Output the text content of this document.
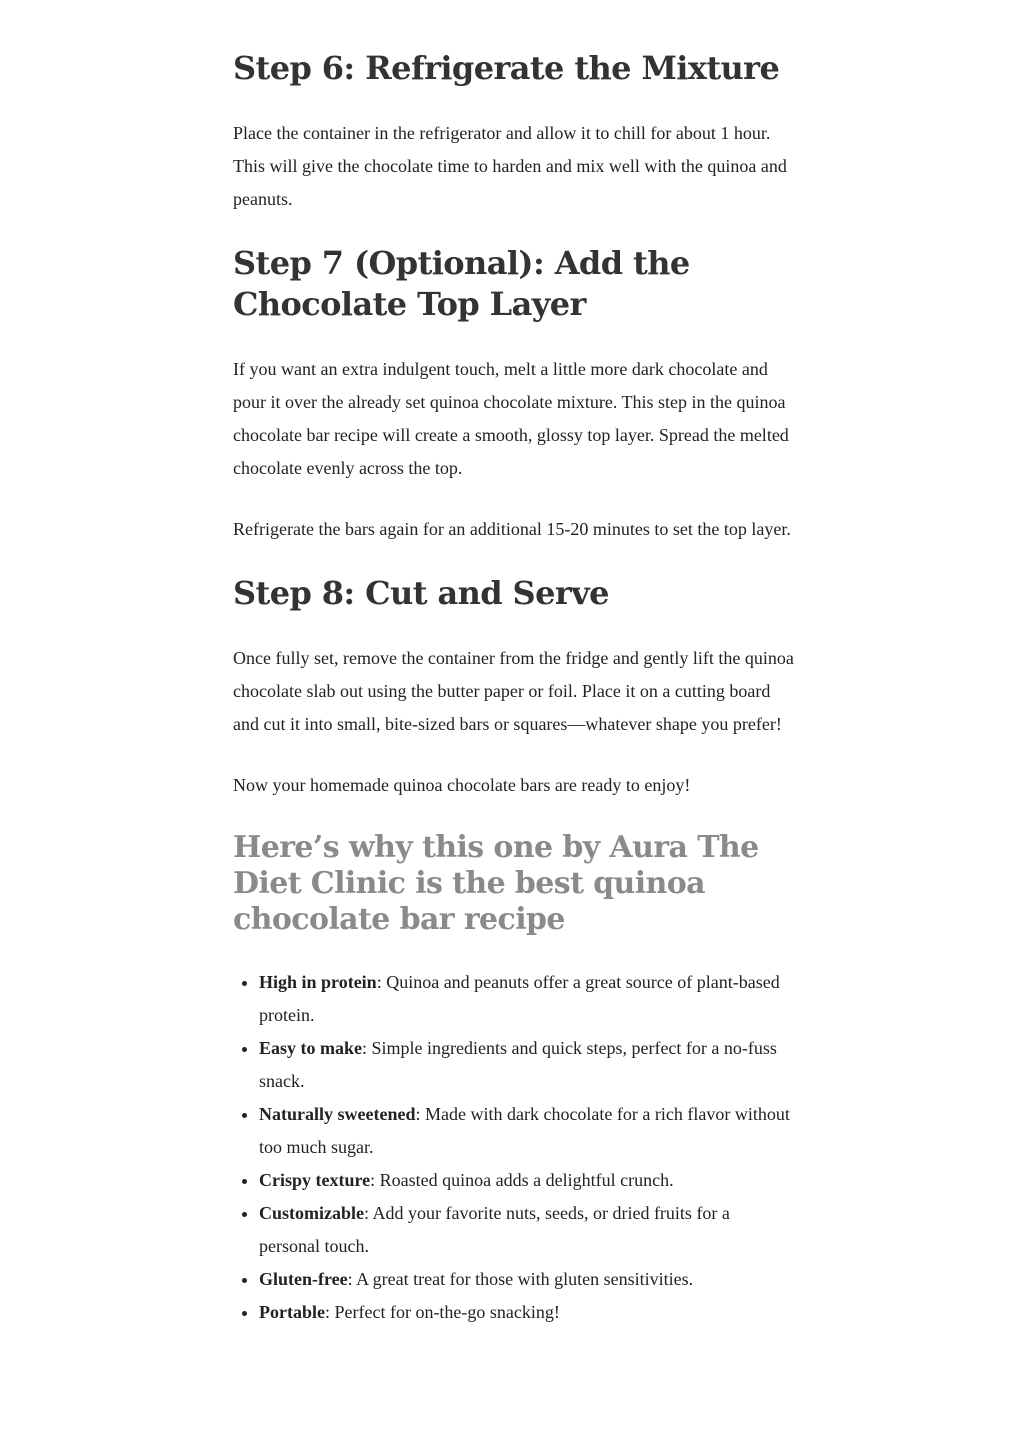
Step 6: Refrigerate the Mixture

Place the container in the refrigerator and allow it to chill for about 1 hour. This will give the chocolate time to harden and mix well with the quinoa and peanuts.

Step 7 (Optional): Add the Chocolate Top Layer

If you want an extra indulgent touch, melt a little more dark chocolate and pour it over the already set quinoa chocolate mixture. This step in the quinoa chocolate bar recipe will create a smooth, glossy top layer. Spread the melted chocolate evenly across the top.

Refrigerate the bars again for an additional 15-20 minutes to set the top layer.

Step 8: Cut and Serve

Once fully set, remove the container from the fridge and gently lift the quinoa chocolate slab out using the butter paper or foil. Place it on a cutting board and cut it into small, bite-sized bars or squares—whatever shape you prefer!

Now your homemade quinoa chocolate bars are ready to enjoy!

Here’s why this one by Aura The Diet Clinic is the best quinoa chocolate bar recipe
• High in protein: Quinoa and peanuts offer a great source of plant-based protein.
• Easy to make: Simple ingredients and quick steps, perfect for a no-fuss snack.
• Naturally sweetened: Made with dark chocolate for a rich flavor without too much sugar.
• Crispy texture: Roasted quinoa adds a delightful crunch.
• Customizable: Add your favorite nuts, seeds, or dried fruits for a personal touch.
• Gluten-free: A great treat for those with gluten sensitivities.
• Portable: Perfect for on-the-go snacking!
